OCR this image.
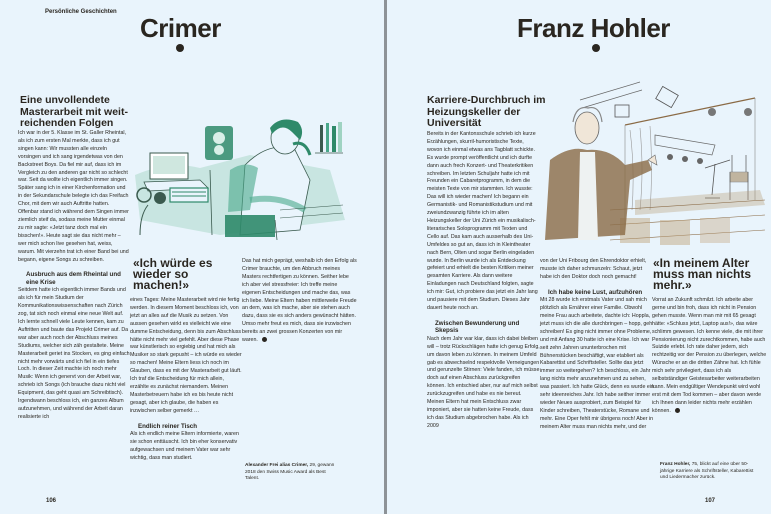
Persönliche Geschichten
Crimer
Eine unvollendete Masterarbeit mit weit-reichenden Folgen

Ich war in der 5. Klasse im St. Galler Rheintal, als ich zum ersten Mal merkte, dass ich gut singen kann: Wir mussten alle einzeln vorsingen und ich sang irgendetwas von den Backstreet Boys. Da fiel mir auf, dass ich im Vergleich zu den anderen gar nicht so schlecht war. Seit da wollte ich eigentlich immer singen. Später sang ich in einer Kirchenformation und in der Sekundarschule belegte ich das Freifach Chor, mit dem wir auch Auftritte hatten. Offenbar stand ich während dem Singen immer ziemlich steif da, sodass meine Mutter einmal zu mir sagte: «Jetzt tanz doch mal ein bisschen!». Heute sagt sie das nicht mehr – wer mich schon live gesehen hat, weiss, warum. Mit vierzehn trat ich einer Band bei und begann, eigene Songs zu schreiben.

Ausbruch aus dem Rheintal und eine Krise

Seitdem hatte ich eigentlich immer Bands und als ich für mein Studium der Kommunikationswissenschaften nach Zürich zog, tat sich noch einmal eine neue Welt auf. Ich lernte schnell viele Leute kennen, kam zu Auftritten und baute das Projekt Crimer auf. Da war aber auch noch der Abschluss meines Studiums, welcher sich zäh gestaltete. Meine Masterarbeit geriet ins Stocken, es ging einfach nicht mehr vorwärts und ich fiel in ein tiefes Loch. In dieser Zeit machte ich noch mehr Musik: Wenn ich genervt von der Arbeit war, schrieb ich Songs (ich brauche dazu nicht viel Equipment, das geht quasi am Schreibtisch). Irgendwann beschloss ich, ein ganzes Album aufzunehmen, und während der Arbeit daran realisierte ich

«Ich würde es wieder so machen!»

eines Tages: Meine Masterarbeit wird nie fertig werden. In diesem Moment beschloss ich, von jetzt an alles auf die Musik zu setzen. Von aussen gesehen wirkt es vielleicht wie eine dumme Entscheidung, denn bis zum Abschluss hätte nicht mehr viel gefehlt. Aber diese Phase war künstlerisch so ergiebig und hat mich als Musiker so stark gepusht – ich würde es wieder so machen! Meine Eltern liess ich noch im Glauben, dass es mit der Masterarbeit gut läuft. Ich traf die Entscheidung für mich allein, erzählte es zunächst niemandem. Meinen Masterbetreuern habe ich es bis heute nicht gesagt, aber ich glaube, die haben es inzwischen selber gemerkt …

Endlich reiner Tisch

Als ich endlich meine Eltern informierte, waren sie schon enttäuscht. Ich bin eher konservativ aufgewachsen und meinem Vater war sehr wichtig, dass man studiert.

Das hat mich geprägt, weshalb ich den Erfolg als Crimer brauchte, um den Abbruch meines Masters rechtfertigen zu können. Seither lebe ich aber viel stressfreier: Ich treffe meine eigenen Entscheidungen und mache das, was ich liebe. Meine Eltern haben mittlerweile Freude an dem, was ich mache, aber sie stehen auch dazu, dass sie es sich anders gewünscht hätten. Umso mehr freut es mich, dass sie inzwischen bereits an zwei grossen Konzerten von mir waren.

Alexander Frei alias Crimer, 29, gewann 2018 den Swiss Music Award als Best Talent.
106
Franz Hohler
Karriere-Durchbruch im Heizungskeller der Universität

Bereits in der Kantonsschule schrieb ich kurze Erzählungen, skurril-humoristische Texte, wovon ich einmal etwas ans Tagblatt schickte. Es wurde prompt veröffentlicht und ich durfte dann auch frech Konzert- und Theaterkritiken schreiben. Im letzten Schuljahr hatte ich mit Freunden ein Cabaretprogramm, in dem die meisten Texte von mir stammten. Ich wusste: Das will ich wieder machen! Ich begann ein Germanistik- und Romanistikstudium und mit zweiundzwanzig führte ich im alten Heizungskeller der Uni Zürich ein musikalisch-literarisches Soloprogramm mit Texten und Cello auf. Das kam auch ausserhalb des Uni-Umfeldes so gut an, dass ich in Kleintheater nach Bern, Olten und sogar Berlin eingeladen wurde. In Berlin wurde ich als Entdeckung gefeiert und erhielt die besten Kritiken meiner gesamten Karriere. Als dann weitere Einladungen nach Deutschland folgten, sagte ich mir: Gut, ich probiere das jetzt ein Jahr lang und pausiere mit dem Studium. Dieses Jahr dauert heute noch an.

Zwischen Bewunderung und Skepsis

Nach dem Jahr war klar, dass ich dabei bleiben will – trotz Rückschlägen hatte ich genug Erfolg, um davon leben zu können. In meinem Umfeld gab es abwechselnd respektvolle Verneigungen und gerunzelte Stirnen: Viele fanden, ich müsse doch auf einen Abschluss zurückgreifen können. Ich entschied aber, nur auf mich selbst zurückzugreifen und habe es nie bereut. Meinen Eltern hat mein Entschluss zwar imponiert, aber sie hatten keine Freude, dass ich das Studium abgebrochen habe. Als ich 2009

von der Uni Fribourg den Ehrendoktor erhielt, musste ich daher schmunzeln: Schaut, jetzt habe ich den Doktor doch noch gemacht!

Ich habe keine Lust, aufzuhören

Mit 28 wurde ich erstmals Vater und sah mich plötzlich als Ernährer einer Familie. Obwohl meine Frau auch arbeitete, dachte ich: Hoppla, jetzt muss ich die alle durchbringen – hopp, geh schreiben! Es ging nicht immer ohne Probleme, und mit Anfang 30 hatte ich eine Krise. Ich war seit zehn Jahren ununterbrochen mit Bühnenstücken beschäftigt, war etabliert als Kabarettist und Schriftsteller. Sollte das jetzt immer so weitergehen? Ich beschloss, ein Jahr lang nichts mehr anzunehmen und zu sehen, was passiert. Ich hatte Glück, denn es wurde ein sehr ideenreiches Jahr. Ich habe seither immer wieder Neues ausprobiert, zum Beispiel für Kinder schreiben, Theaterstücke, Romane und mehr. Eine Oper fehlt mir übrigens noch! Aber in meinem Alter muss man nichts mehr, und der

«In meinem Alter muss man nichts mehr.»

Vorrat an Zukunft schmilzt. Ich arbeite aber gerne und bin froh, dass ich nicht in Pension gehen musste. Wenn man mir mit 65 gesagt hätte: «Schluss jetzt, Laptop aus!», das wäre schlimm gewesen. Ich kenne viele, die mit ihrer Pensionierung nicht zurechtkommen, habe auch Suizide erlebt. Ich rate daher jedem, sich rechtzeitig vor der Pension zu überlegen, welche Wünsche er an die dritten Zähne hat. Ich fühle mich sehr privilegiert, dass ich als selbstständiger Geistesarbeiter weiterarbeiten kann. Mein endgültiger Wendepunkt wird wohl erst mit dem Tod kommen – aber davon werde ich Ihnen dann leider nichts mehr erzählen können.

Franz Hohler, 75, blickt auf eine über 50-jährige Karriere als Schriftsteller, Kabarettist und Liedermacher zurück.
107
